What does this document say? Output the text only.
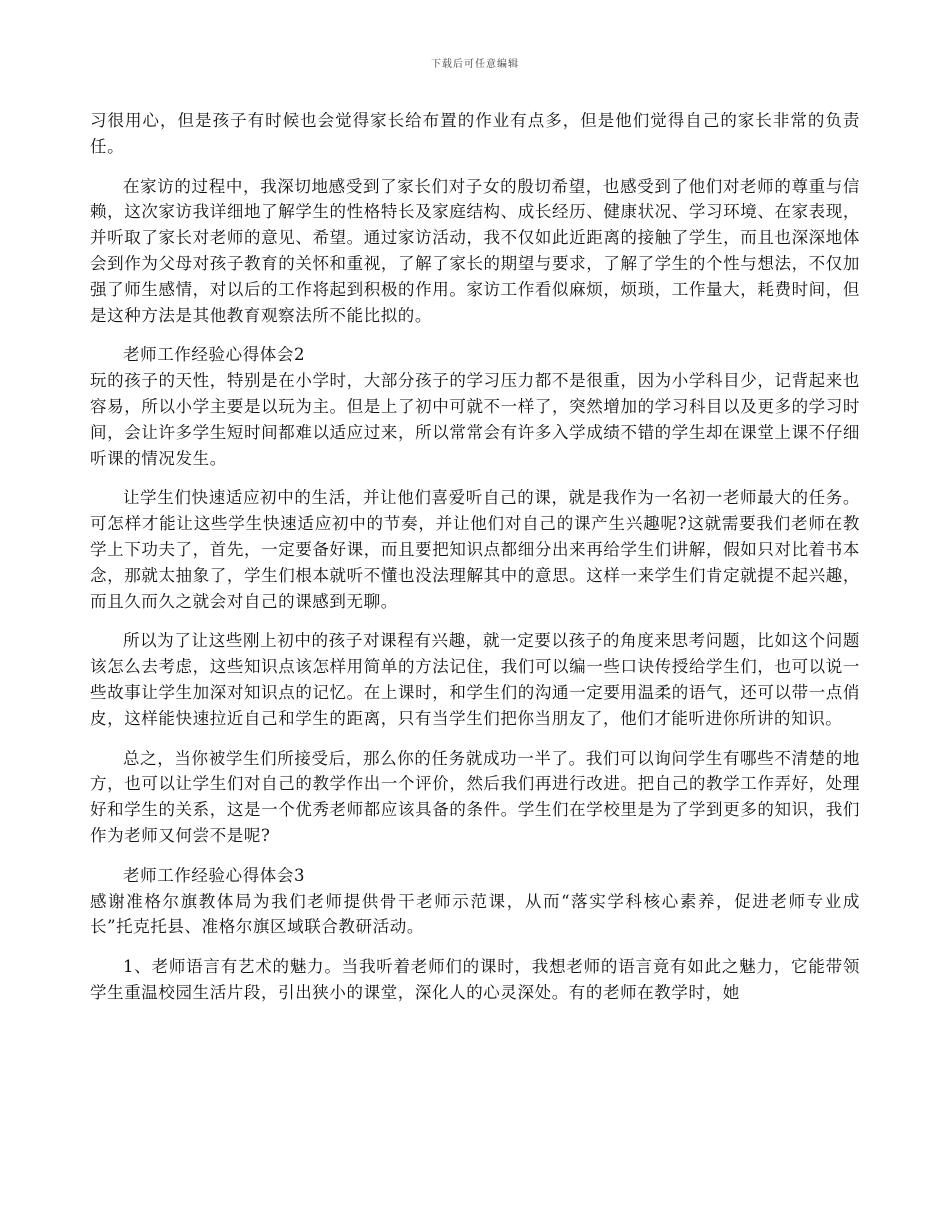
下载后可任意编辑

习很用心，但是孩子有时候也会觉得家长给布置的作业有点多，但是他们觉得自己的家长非常的负责任。

在家访的过程中，我深切地感受到了家长们对子女的殷切希望，也感受到了他们对老师的尊重与信赖，这次家访我详细地了解学生的性格特长及家庭结构、成长经历、健康状况、学习环境、在家表现，并听取了家长对老师的意见、希望。通过家访活动，我不仅如此近距离的接触了学生，而且也深深地体会到作为父母对孩子教育的关怀和重视，了解了家长的期望与要求，了解了学生的个性与想法，不仅加强了师生感情，对以后的工作将起到积极的作用。家访工作看似麻烦，烦琐，工作量大，耗费时间，但是这种方法是其他教育观察法所不能比拟的。

老师工作经验心得体会2

玩的孩子的天性，特别是在小学时，大部分孩子的学习压力都不是很重，因为小学科目少，记背起来也容易，所以小学主要是以玩为主。但是上了初中可就不一样了，突然增加的学习科目以及更多的学习时间，会让许多学生短时间都难以适应过来，所以常常会有许多入学成绩不错的学生却在课堂上课不仔细听课的情况发生。

让学生们快速适应初中的生活，并让他们喜爱听自己的课，就是我作为一名初一老师最大的任务。可怎样才能让这些学生快速适应初中的节奏，并让他们对自己的课产生兴趣呢?这就需要我们老师在教学上下功夫了，首先，一定要备好课，而且要把知识点都细分出来再给学生们讲解，假如只对比着书本念，那就太抽象了，学生们根本就听不懂也没法理解其中的意思。这样一来学生们肯定就提不起兴趣，而且久而久之就会对自己的课感到无聊。

所以为了让这些刚上初中的孩子对课程有兴趣，就一定要以孩子的角度来思考问题，比如这个问题该怎么去考虑，这些知识点该怎样用简单的方法记住，我们可以编一些口诀传授给学生们，也可以说一些故事让学生加深对知识点的记忆。在上课时，和学生们的沟通一定要用温柔的语气，还可以带一点俏皮，这样能快速拉近自己和学生的距离，只有当学生们把你当朋友了，他们才能听进你所讲的知识。

总之，当你被学生们所接受后，那么你的任务就成功一半了。我们可以询问学生有哪些不清楚的地方，也可以让学生们对自己的教学作出一个评价，然后我们再进行改进。把自己的教学工作弄好，处理好和学生的关系，这是一个优秀老师都应该具备的条件。学生们在学校里是为了学到更多的知识，我们作为老师又何尝不是呢?

老师工作经验心得体会3

感谢准格尔旗教体局为我们老师提供骨干老师示范课，从而“落实学科核心素养，促进老师专业成长”托克托县、准格尔旗区域联合教研活动。

1、老师语言有艺术的魅力。当我听着老师们的课时，我想老师的语言竟有如此之魅力，它能带领学生重温校园生活片段，引出狭小的课堂，深化人的心灵深处。有的老师在教学时，她
